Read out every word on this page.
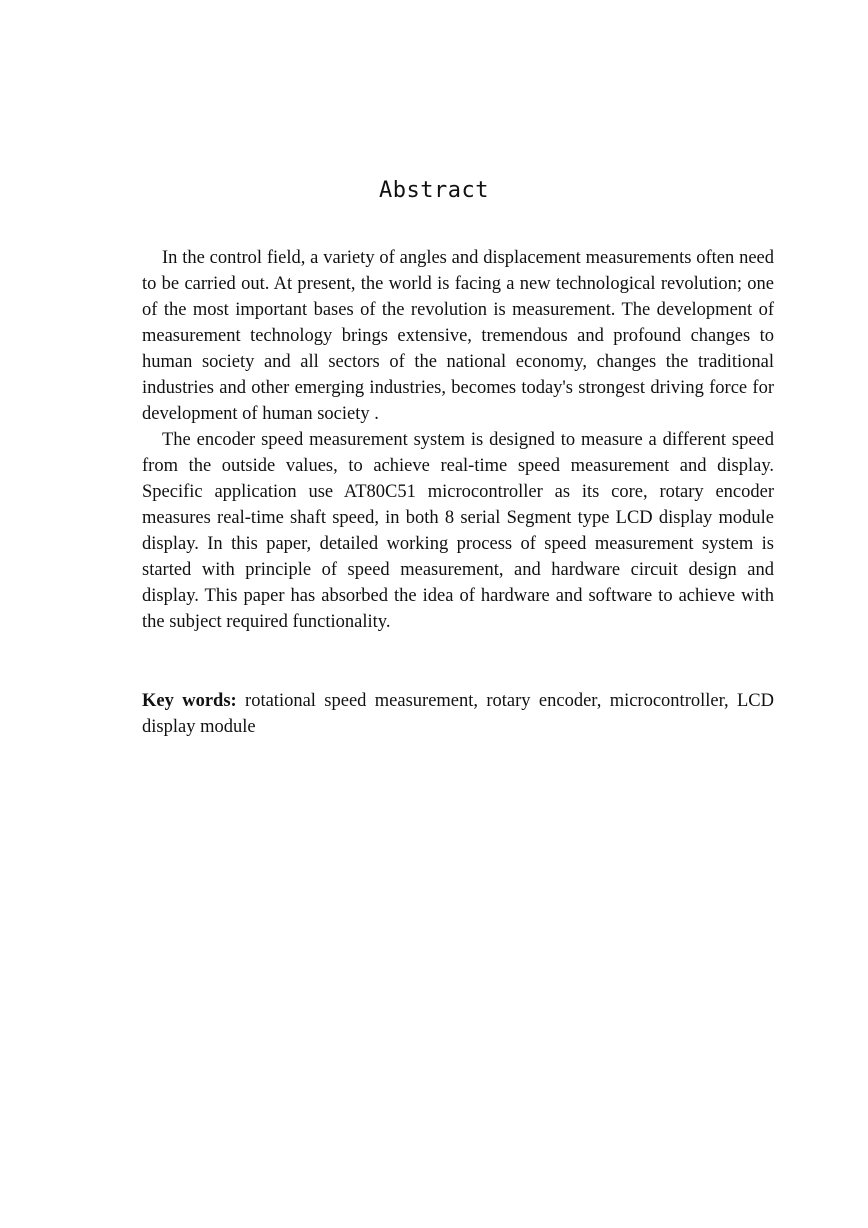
Abstract

In the control field, a variety of angles and displacement measurements often need to be carried out. At present, the world is facing a new technological revolution; one of the most important bases of the revolution is measurement. The development of measurement technology brings extensive, tremendous and profound changes to human society and all sectors of the national economy, changes the traditional industries and other emerging industries, becomes today's strongest driving force for development of human society .

The encoder speed measurement system is designed to measure a different speed from the outside values, to achieve real-time speed measurement and display. Specific application use AT80C51 microcontroller as its core, rotary encoder measures real-time shaft speed, in both 8 serial Segment type LCD display module display. In this paper, detailed working process of speed measurement system is started with principle of speed measurement, and hardware circuit design and display. This paper has absorbed the idea of hardware and software to achieve with the subject required functionality.

Key words: rotational speed measurement, rotary encoder, microcontroller, LCD display module
